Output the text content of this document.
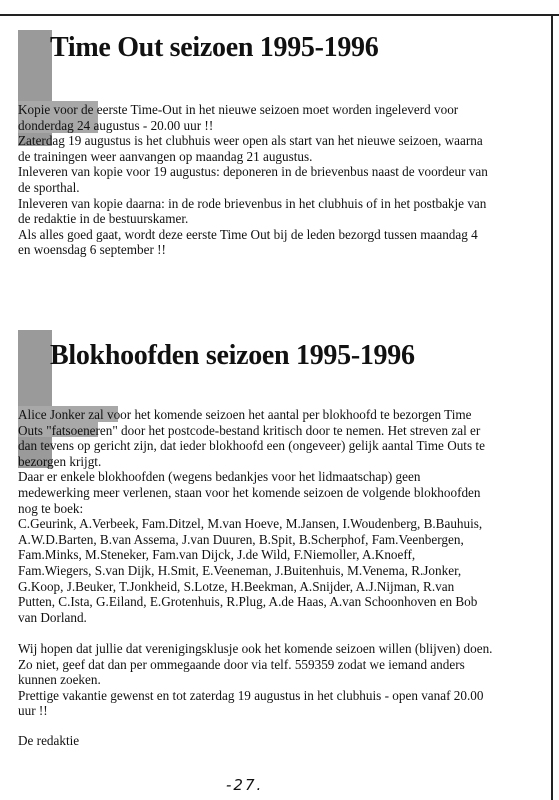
Time Out seizoen 1995-1996

Kopie voor de eerste Time-Out in het nieuwe seizoen moet worden ingeleverd voor

donderdag 24 augustus - 20.00 uur !!

Zaterdag 19 augustus is het clubhuis weer open als start van het nieuwe seizoen, waarna

de trainingen weer aanvangen op maandag 21 augustus.

Inleveren van kopie voor 19 augustus: deponeren in de brievenbus naast de voordeur van

de sporthal.

Inleveren van kopie daarna: in de rode brievenbus in het clubhuis of in het postbakje van

de redaktie in de bestuurskamer.

Als alles goed gaat, wordt deze eerste Time Out bij de leden bezorgd tussen maandag 4

en woensdag 6 september !!

Blokhoofden seizoen 1995-1996

Alice Jonker zal voor het komende seizoen het aantal per blokhoofd te bezorgen Time

Outs "fatsoeneren" door het postcode-bestand kritisch door te nemen. Het streven zal er

dan tevens op gericht zijn, dat ieder blokhoofd een (ongeveer) gelijk aantal Time Outs te

bezorgen krijgt.

Daar er enkele blokhoofden (wegens bedankjes voor het lidmaatschap) geen

medewerking meer verlenen, staan voor het komende seizoen de volgende blokhoofden

nog te boek:

C.Geurink, A.Verbeek, Fam.Ditzel, M.van Hoeve, M.Jansen, I.Woudenberg, B.Bauhuis,

A.W.D.Barten, B.van Assema, J.van Duuren, B.Spit, B.Scherphof, Fam.Veenbergen,

Fam.Minks, M.Steneker, Fam.van Dijck, J.de Wild, F.Niemoller, A.Knoeff,

Fam.Wiegers, S.van Dijk, H.Smit, E.Veeneman, J.Buitenhuis, M.Venema, R.Jonker,

G.Koop, J.Beuker, T.Jonkheid, S.Lotze, H.Beekman, A.Snijder, A.J.Nijman, R.van

Putten, C.Ista, G.Eiland, E.Grotenhuis, R.Plug, A.de Haas, A.van Schoonhoven en Bob

van Dorland.

Wij hopen dat jullie dat verenigingsklusje ook het komende seizoen willen (blijven) doen.

Zo niet, geef dat dan per ommegaande door via telf. 559359 zodat we iemand anders

kunnen zoeken.

Prettige vakantie gewenst en tot zaterdag 19 augustus in het clubhuis - open vanaf 20.00

uur !!

De redaktie
-27.
